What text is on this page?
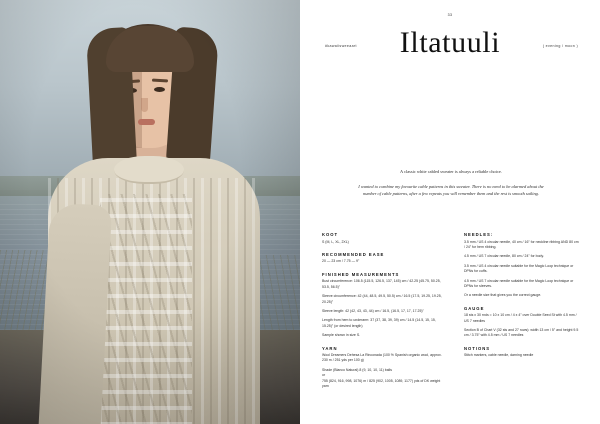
33
#kawaiisweeaart	Iltatuuli	( evening / moon )

A classic white cabled sweater is always a reliable choice.

I wanted to combine my favourite cable patterns in this sweater. There is no need to be alarmed about the number of cable patterns, after a few repeats you will remember them and the rest is smooth sailing.

KOOT

S (M, L, XL, 2XL)

RECOMMENDED EASE

20 — 23 cm / 7.75 — 9"

FINISHED MEASUREMENTS

Bust circumference: 106.5 (115.5, 126.5, 137, 145) cm / 42.25 (45.75, 50.25, 53.5, 56.5)"

Sleeve circumference: 42 (44, 48.5, 49.5, 50.5) cm / 16.5 (17.5, 19.25, 19.25, 20.25)"

Sleeve length: 42 (42, 43, 43, 44) cm / 16.5, (16.5, 17, 17, 17.25)"

Length from hem to underarm: 37 (37, 38, 39, 39) cm / 14.5 (14.5, 15, 15, 15.25)" (or desired length)

Sample shown in size S.

YARN

Wool Dreamers Dehesa La Rinconada (100 % Spanish organic wool, approx. 230 m / 251 yds per 100 g)

Shade (Blanco Natural) 8 (9, 10, 10, 11) balls

or

755 (824, 916, 998, 1076) m / 825 (902, 1005, 1089, 1177) yds of DK weight yarn

NEEDLES:

3.5 mm / US 4 circular needle, 40 cm / 16" for neckline ribbing AND 80 cm / 24" for hem ribbing.

4.5 mm / US 7 circular needle, 80 cm / 24" for body.

3.5 mm / US 4 circular needle suitable for the Magic Loop technique or DPNs for cuffs.

4.5 mm / US 7 circular needle suitable for the Magic Loop technique or DPNs for sleeves.

Or a needle size that gives you the correct gauge.

GAUGE

18 sts x 30 rnds = 10 x 10 cm / 4 x 4" over Double Seed St with 4.5 mm / US 7 needles

Section B of Chart V (32 sts and 27 rows): width 13 cm / 5" and height 9.5 cm / 3.75" with 4.5 mm / US 7 needles

NOTIONS

Stitch markers, cable needle, darning needle
